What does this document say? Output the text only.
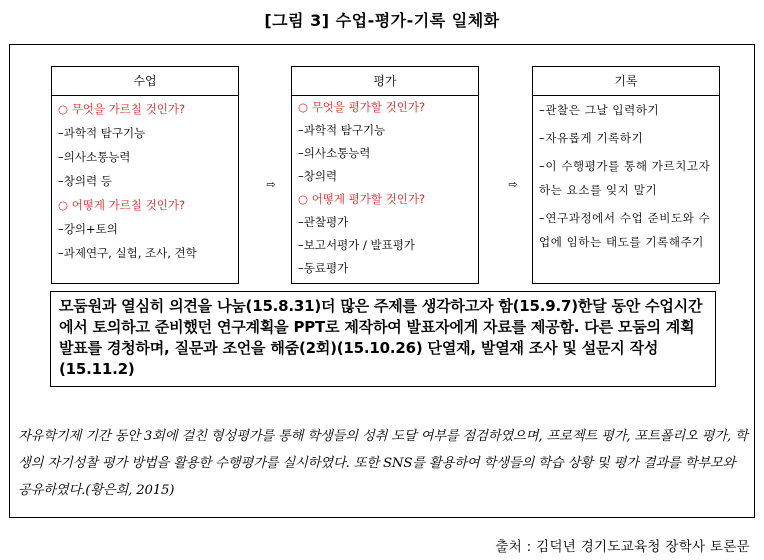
[그림 3] 수업-평가-기록 일체화
수업
○ 무엇을 가르칠 것인가?
–과학적 탐구기능
–의사소통능력
–창의력 등
○ 어떻게 가르칠 것인가?
–강의+토의
–과제연구, 실험, 조사, 견학
⇨
평가
○ 무엇을 평가할 것인가?
–과학적 탐구기능
–의사소통능력
–창의력
○ 어떻게 평가할 것인가?
–관찰평가
–보고서평가 / 발표평가
–동료평가
⇨
기록
–관찰은 그날 입력하기
–자유롭게 기록하기
–이 수행평가를 통해 가르치고자 하는 요소를 잊지 말기
–연구과정에서 수업 준비도와 수업에 임하는 태도를 기록해주기
모둠원과 열심히 의견을 나눔(15.8.31)더 많은 주제를 생각하고자 함(15.9.7)한달 동안 수업시간에서 토의하고 준비했던 연구계획을 PPT로 제작하여 발표자에게 자료를 제공함. 다른 모둠의 계획 발표를 경청하며, 질문과 조언을 해줌(2회)(15.10.26) 단열재, 발열재 조사 및 설문지 작성(15.11.2)
자유학기제 기간 동안 3회에 걸친 형성평가를 통해 학생들의 성취 도달 여부를 점검하였으며, 프로젝트 평가, 포트폴리오 평가, 학생의 자기성찰 평가 방법을 활용한 수행평가를 실시하였다. 또한 SNS를 활용하여 학생들의 학습 상황 및 평가 결과를 학부모와 공유하였다.(황은희, 2015)
출처 : 김덕년 경기도교육청 장학사 토론문
